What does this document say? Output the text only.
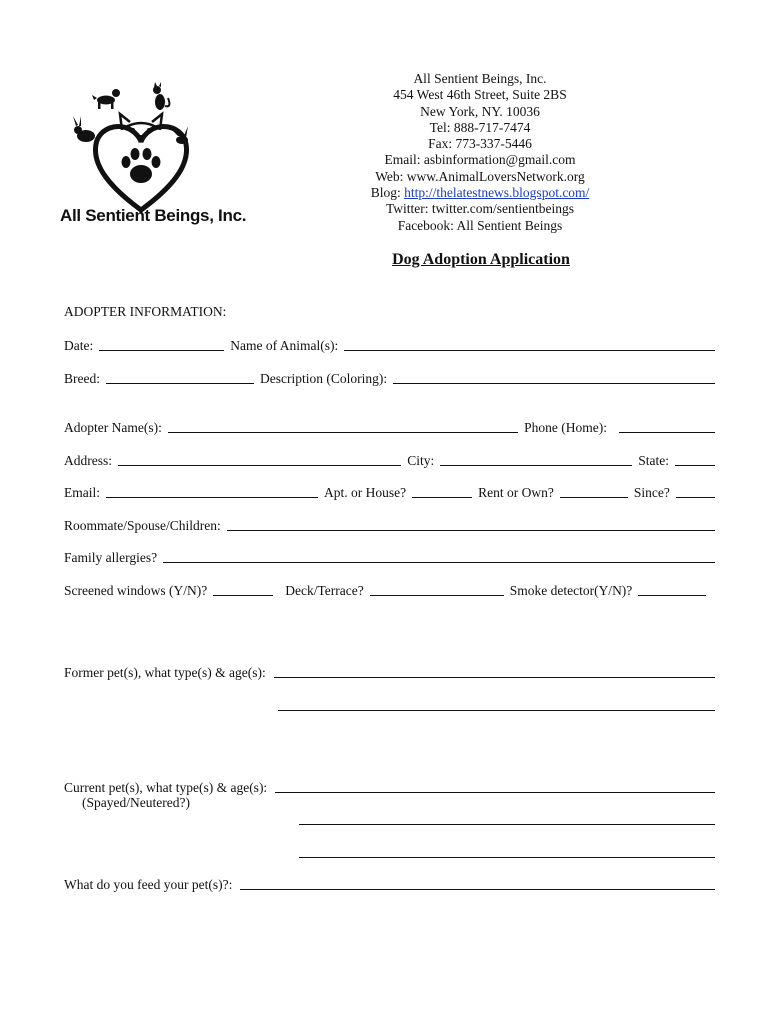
All Sentient Beings, Inc.
All Sentient Beings, Inc.
454 West 46th Street, Suite 2BS
New York, NY. 10036
Tel: 888-717-7474
Fax: 773-337-5446
Email: asbinformation@gmail.com
Web: www.AnimalLoversNetwork.org
Blog: http://thelatestnews.blogspot.com/
Twitter: twitter.com/sentientbeings
Facebook: All Sentient Beings
Dog Adoption Application
ADOPTER INFORMATION:
Date:	Name of Animal(s):
Breed:	Description (Coloring):
Adopter Name(s):	Phone (Home):
Address:	City:	State:
Email:	Apt. or House?	Rent or Own?	Since?
Roommate/Spouse/Children:
Family allergies?
Screened windows (Y/N)?	Deck/Terrace?	Smoke detector(Y/N)?
Former pet(s), what type(s) & age(s):
Current pet(s), what type(s) & age(s):
(Spayed/Neutered?)
What do you feed your pet(s)?:
